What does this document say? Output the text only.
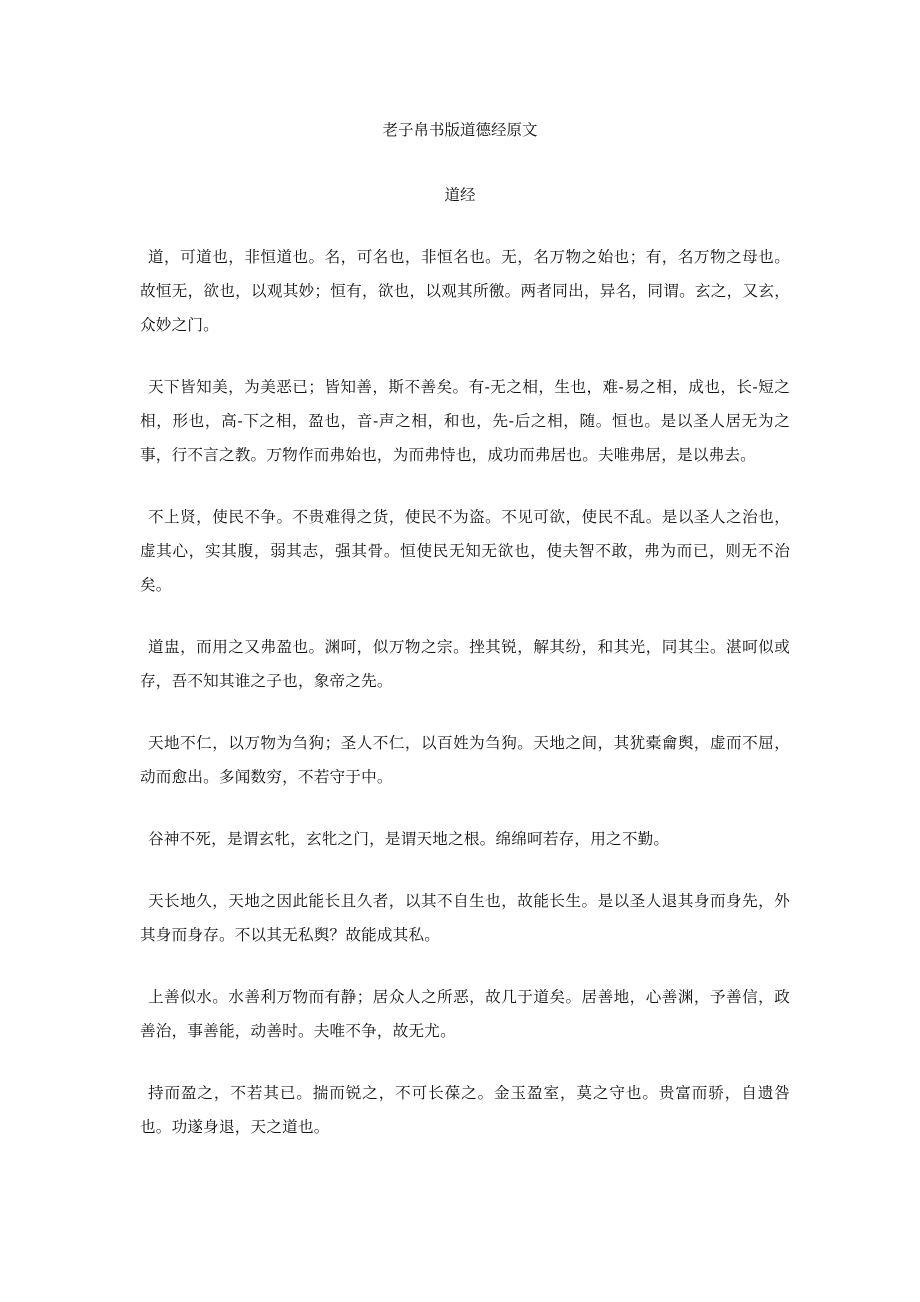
老子帛书版道德经原文
道经

道，可道也，非恒道也。名，可名也，非恒名也。无，名万物之始也；有，名万物之母也。故恒无，欲也，以观其妙；恒有，欲也，以观其所徼。两者同出，异名，同谓。玄之，又玄，众妙之门。

天下皆知美，为美恶已；皆知善，斯不善矣。有-无之相，生也，难-易之相，成也，长-短之相，形也，高-下之相，盈也，音-声之相，和也，先-后之相，随。恒也。是以圣人居无为之事，行不言之教。万物作而弗始也，为而弗恃也，成功而弗居也。夫唯弗居，是以弗去。

不上贤，使民不争。不贵难得之货，使民不为盗。不见可欲，使民不乱。是以圣人之治也，虚其心，实其腹，弱其志，强其骨。恒使民无知无欲也，使夫智不敢，弗为而已，则无不治矣。

道盅，而用之又弗盈也。渊呵，似万物之宗。挫其锐，解其纷，和其光，同其尘。湛呵似或存，吾不知其谁之子也，象帝之先。

天地不仁，以万物为刍狗；圣人不仁，以百姓为刍狗。天地之间，其犹橐龠舆，虚而不屈，动而愈出。多闻数穷，不若守于中。

谷神不死，是谓玄牝，玄牝之门，是谓天地之根。绵绵呵若存，用之不勤。

天长地久，天地之因此能长且久者，以其不自生也，故能长生。是以圣人退其身而身先，外其身而身存。不以其无私舆？故能成其私。

上善似水。水善利万物而有静；居众人之所恶，故几于道矣。居善地，心善渊，予善信，政善治，事善能，动善时。夫唯不争，故无尤。

持而盈之，不若其已。揣而锐之，不可长葆之。金玉盈室，莫之守也。贵富而骄，自遗咎也。功遂身退，天之道也。
